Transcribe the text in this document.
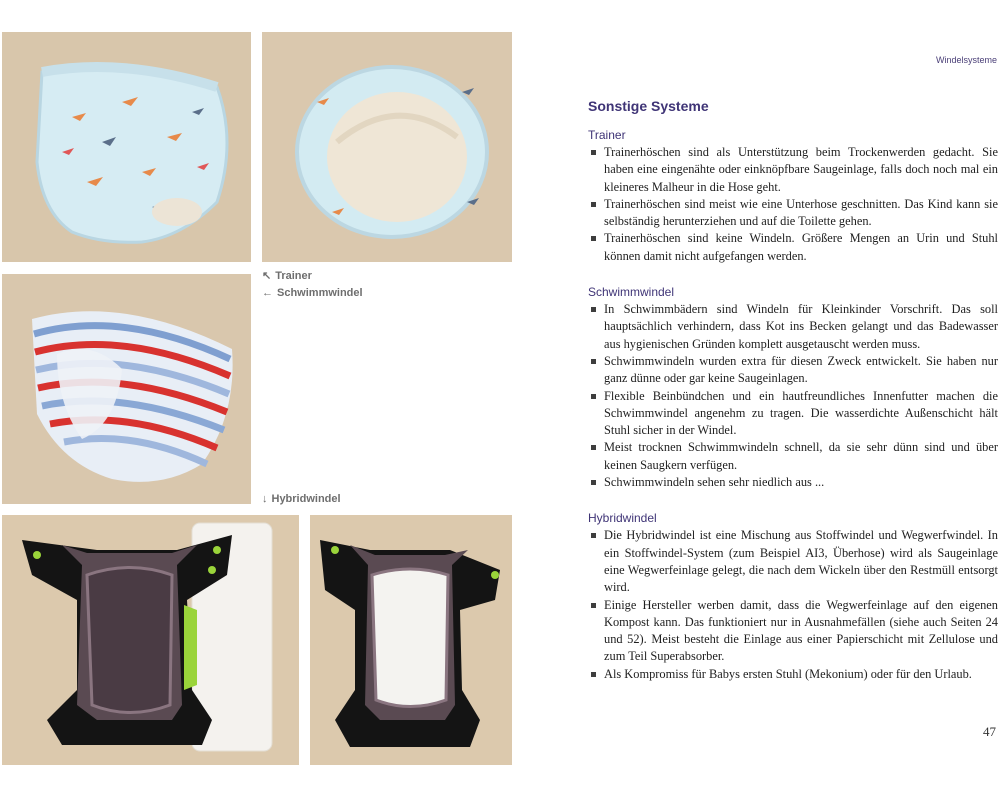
Windelsysteme
↖ Trainer
← Schwimmwindel
↓ Hybridwindel
Sonstige Systeme
Trainer
Trainerhöschen sind als Unterstützung beim Trockenwerden gedacht. Sie haben eine eingenähte oder einknöpfbare Saugeinlage, falls doch noch mal ein kleineres Malheur in die Hose geht.
Trainerhöschen sind meist wie eine Unterhose geschnitten. Das Kind kann sie selbständig herunterziehen und auf die Toilette gehen.
Trainerhöschen sind keine Windeln. Größere Mengen an Urin und Stuhl können damit nicht aufgefangen werden.
Schwimmwindel
In Schwimmbädern sind Windeln für Kleinkinder Vorschrift. Das soll hauptsächlich verhindern, dass Kot ins Becken gelangt und das Badewasser aus hygienischen Gründen komplett ausgetauscht werden muss.
Schwimmwindeln wurden extra für diesen Zweck entwickelt. Sie haben nur ganz dünne oder gar keine Saugeinlagen.
Flexible Beinbündchen und ein hautfreundliches Innenfutter machen die Schwimmwindel angenehm zu tragen. Die wasserdichte Außenschicht hält Stuhl sicher in der Windel.
Meist trocknen Schwimmwindeln schnell, da sie sehr dünn sind und über keinen Saugkern verfügen.
Schwimmwindeln sehen sehr niedlich aus ...
Hybridwindel
Die Hybridwindel ist eine Mischung aus Stoffwindel und Wegwerfwindel. In ein Stoffwindel-System (zum Beispiel AI3, Überhose) wird als Saugeinlage eine Wegwerfeinlage gelegt, die nach dem Wickeln über den Restmüll entsorgt wird.
Einige Hersteller werben damit, dass die Wegwerfeinlage auf den eigenen Kompost kann. Das funktioniert nur in Ausnahmefällen (siehe auch Seiten 24 und 52). Meist besteht die Einlage aus einer Papierschicht mit Zellulose und zum Teil Superabsorber.
Als Kompromiss für Babys ersten Stuhl (Mekonium) oder für den Urlaub.
47
